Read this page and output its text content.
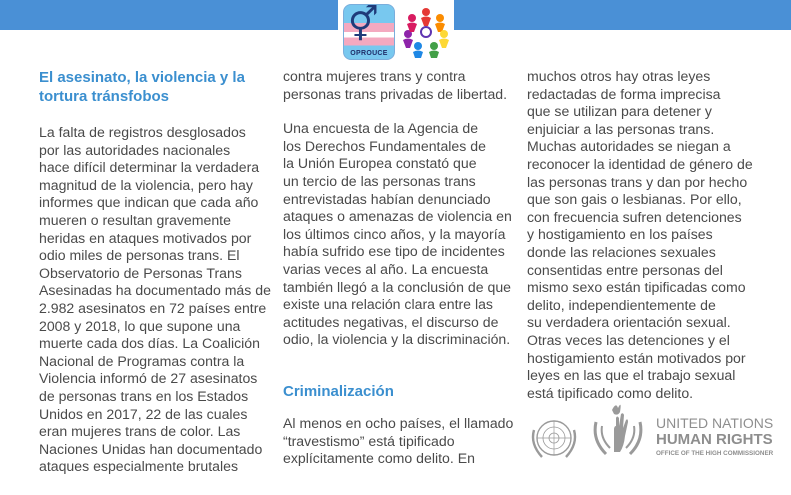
⚥
OPROUCE
El asesinato, la violencia y la
tortura tránsfobos
La falta de registros desglosados
por las autoridades nacionales
hace difícil determinar la verdadera
magnitud de la violencia, pero hay
informes que indican que cada año
mueren o resultan gravemente
heridas en ataques motivados por
odio miles de personas trans. El
Observatorio de Personas Trans
Asesinadas ha documentado más de
2.982 asesinatos en 72 países entre
2008 y 2018, lo que supone una
muerte cada dos días. La Coalición
Nacional de Programas contra la
Violencia informó de 27 asesinatos
de personas trans en los Estados
Unidos en 2017, 22 de las cuales
eran mujeres trans de color. Las
Naciones Unidas han documentado
ataques especialmente brutales
contra mujeres trans y contra
personas trans privadas de libertad.
Una encuesta de la Agencia de
los Derechos Fundamentales de
la Unión Europea constató que
un tercio de las personas trans
entrevistadas habían denunciado
ataques o amenazas de violencia en
los últimos cinco años, y la mayoría
había sufrido ese tipo de incidentes
varias veces al año. La encuesta
también llegó a la conclusión de que
existe una relación clara entre las
actitudes negativas, el discurso de
odio, la violencia y la discriminación.
Criminalización
Al menos en ocho países, el llamado
“travestismo” está tipificado
explícitamente como delito. En
muchos otros hay otras leyes
redactadas de forma imprecisa
que se utilizan para detener y
enjuiciar a las personas trans.
Muchas autoridades se niegan a
reconocer la identidad de género de
las personas trans y dan por hecho
que son gais o lesbianas. Por ello,
con frecuencia sufren detenciones
y hostigamiento en los países
donde las relaciones sexuales
consentidas entre personas del
mismo sexo están tipificadas como
delito, independientemente de
su verdadera orientación sexual.
Otras veces las detenciones y el
hostigamiento están motivados por
leyes en las que el trabajo sexual
está tipificado como delito.
UNITED NATIONS
HUMAN RIGHTS
OFFICE OF THE HIGH COMMISSIONER
